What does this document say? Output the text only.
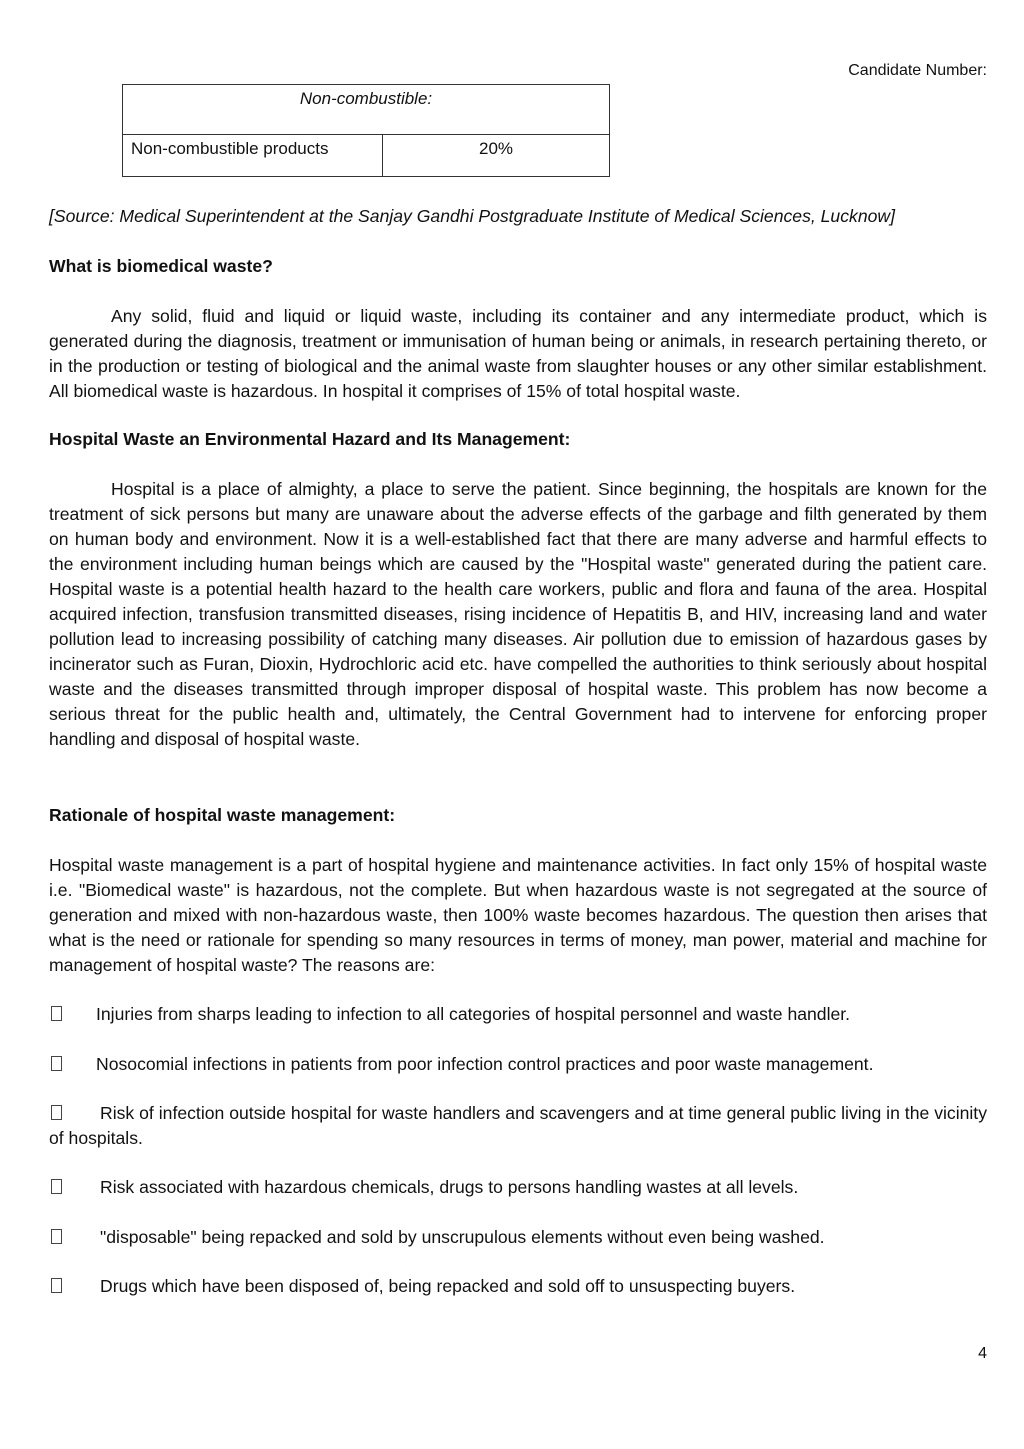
Candidate Number:
Non-combustible:
Non-combustible products	20%
[Source: Medical Superintendent at the Sanjay Gandhi Postgraduate Institute of Medical Sciences, Lucknow]
What is biomedical waste?
Any solid, fluid and liquid or liquid waste, including its container and any intermediate product, which is generated during the diagnosis, treatment or immunisation of human being or animals, in research pertaining thereto, or in the production or testing of biological and the animal waste from slaughter houses or any other similar establishment. All biomedical waste is hazardous. In hospital it comprises of 15% of total hospital waste.
Hospital Waste an Environmental Hazard and Its Management:
Hospital is a place of almighty, a place to serve the patient. Since beginning, the hospitals are known for the treatment of sick persons but many are unaware about the adverse effects of the garbage and filth generated by them on human body and environment. Now it is a well-established fact that there are many adverse and harmful effects to the environment including human beings which are caused by the "Hospital waste" generated during the patient care. Hospital waste is a potential health hazard to the health care workers, public and flora and fauna of the area. Hospital acquired infection, transfusion transmitted diseases, rising incidence of Hepatitis B, and HIV, increasing land and water pollution lead to increasing possibility of catching many diseases. Air pollution due to emission of hazardous gases by incinerator such as Furan, Dioxin, Hydrochloric acid etc. have compelled the authorities to think seriously about hospital waste and the diseases transmitted through improper disposal of hospital waste. This problem has now become a serious threat for the public health and, ultimately, the Central Government had to intervene for enforcing proper handling and disposal of hospital waste.
Rationale of hospital waste management:
Hospital waste management is a part of hospital hygiene and maintenance activities. In fact only 15% of hospital waste i.e. "Biomedical waste" is hazardous, not the complete. But when hazardous waste is not segregated at the source of generation and mixed with non-hazardous waste, then 100% waste becomes hazardous. The question then arises that what is the need or rationale for spending so many resources in terms of money, man power, material and machine for management of hospital waste? The reasons are:
Injuries from sharps leading to infection to all categories of hospital personnel and waste handler.
Nosocomial infections in patients from poor infection control practices and poor waste management.
Risk of infection outside hospital for waste handlers and scavengers and at time general public living in the vicinity of hospitals.
Risk associated with hazardous chemicals, drugs to persons handling wastes at all levels.
"disposable" being repacked and sold by unscrupulous elements without even being washed.
Drugs which have been disposed of, being repacked and sold off to unsuspecting buyers.
4
